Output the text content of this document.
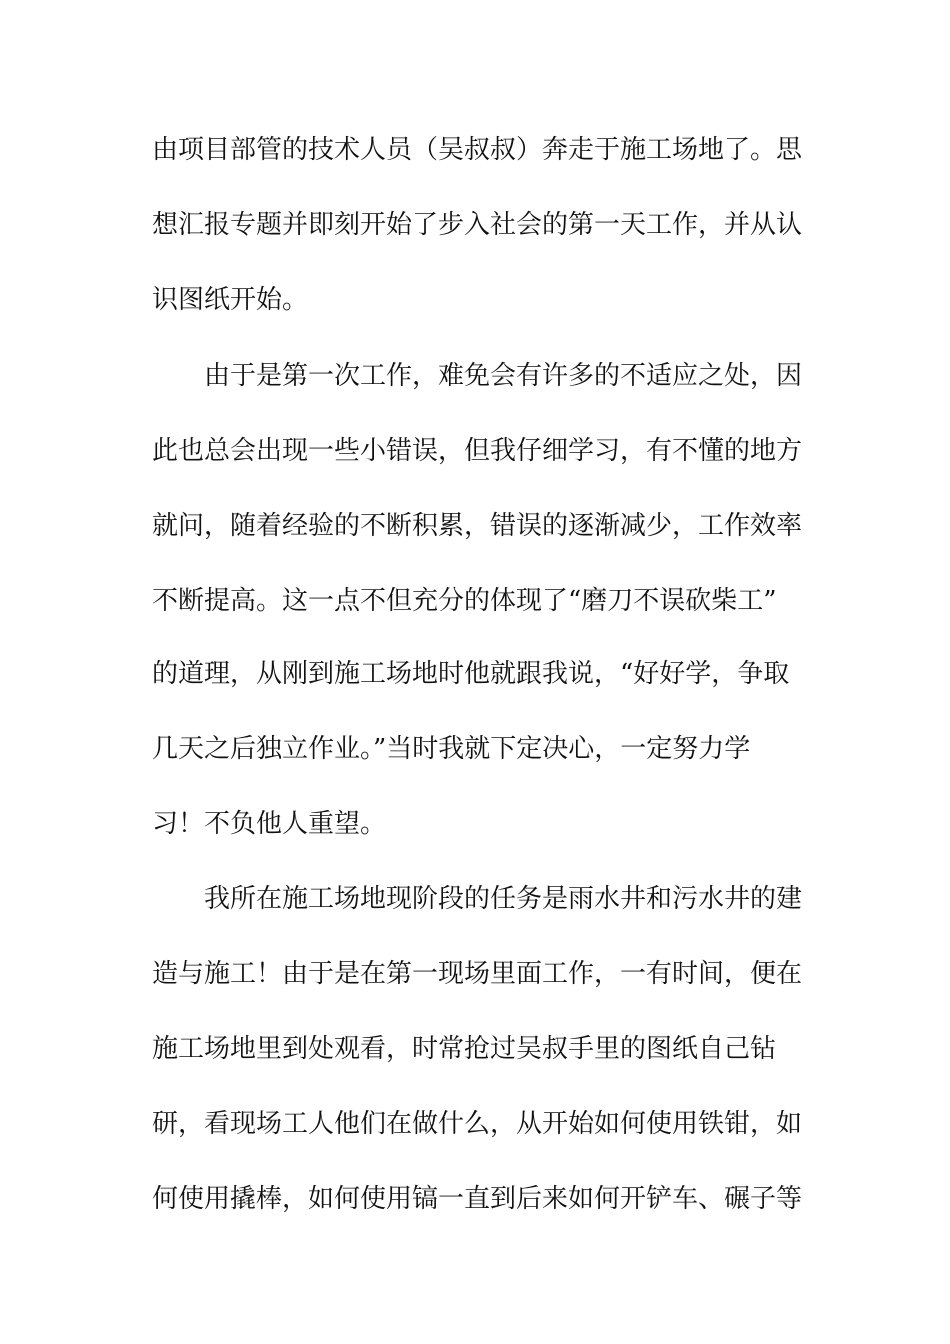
由项目部管的技术人员（吴叔叔）奔走于施工场地了。思
想汇报专题并即刻开始了步入社会的第一天工作，并从认
识图纸开始。
由于是第一次工作，难免会有许多的不适应之处，因
此也总会出现一些小错误，但我仔细学习，有不懂的地方
就问，随着经验的不断积累，错误的逐渐减少，工作效率
不断提高。这一点不但充分的体现了“磨刀不误砍柴工”
的道理，从刚到施工场地时他就跟我说，“好好学，争取
几天之后独立作业。”当时我就下定决心，一定努力学
习！不负他人重望。
我所在施工场地现阶段的任务是雨水井和污水井的建
造与施工！由于是在第一现场里面工作，一有时间，便在
施工场地里到处观看，时常抢过吴叔手里的图纸自己钻
研，看现场工人他们在做什么，从开始如何使用铁钳，如
何使用撬棒，如何使用镐一直到后来如何开铲车、碾子等
